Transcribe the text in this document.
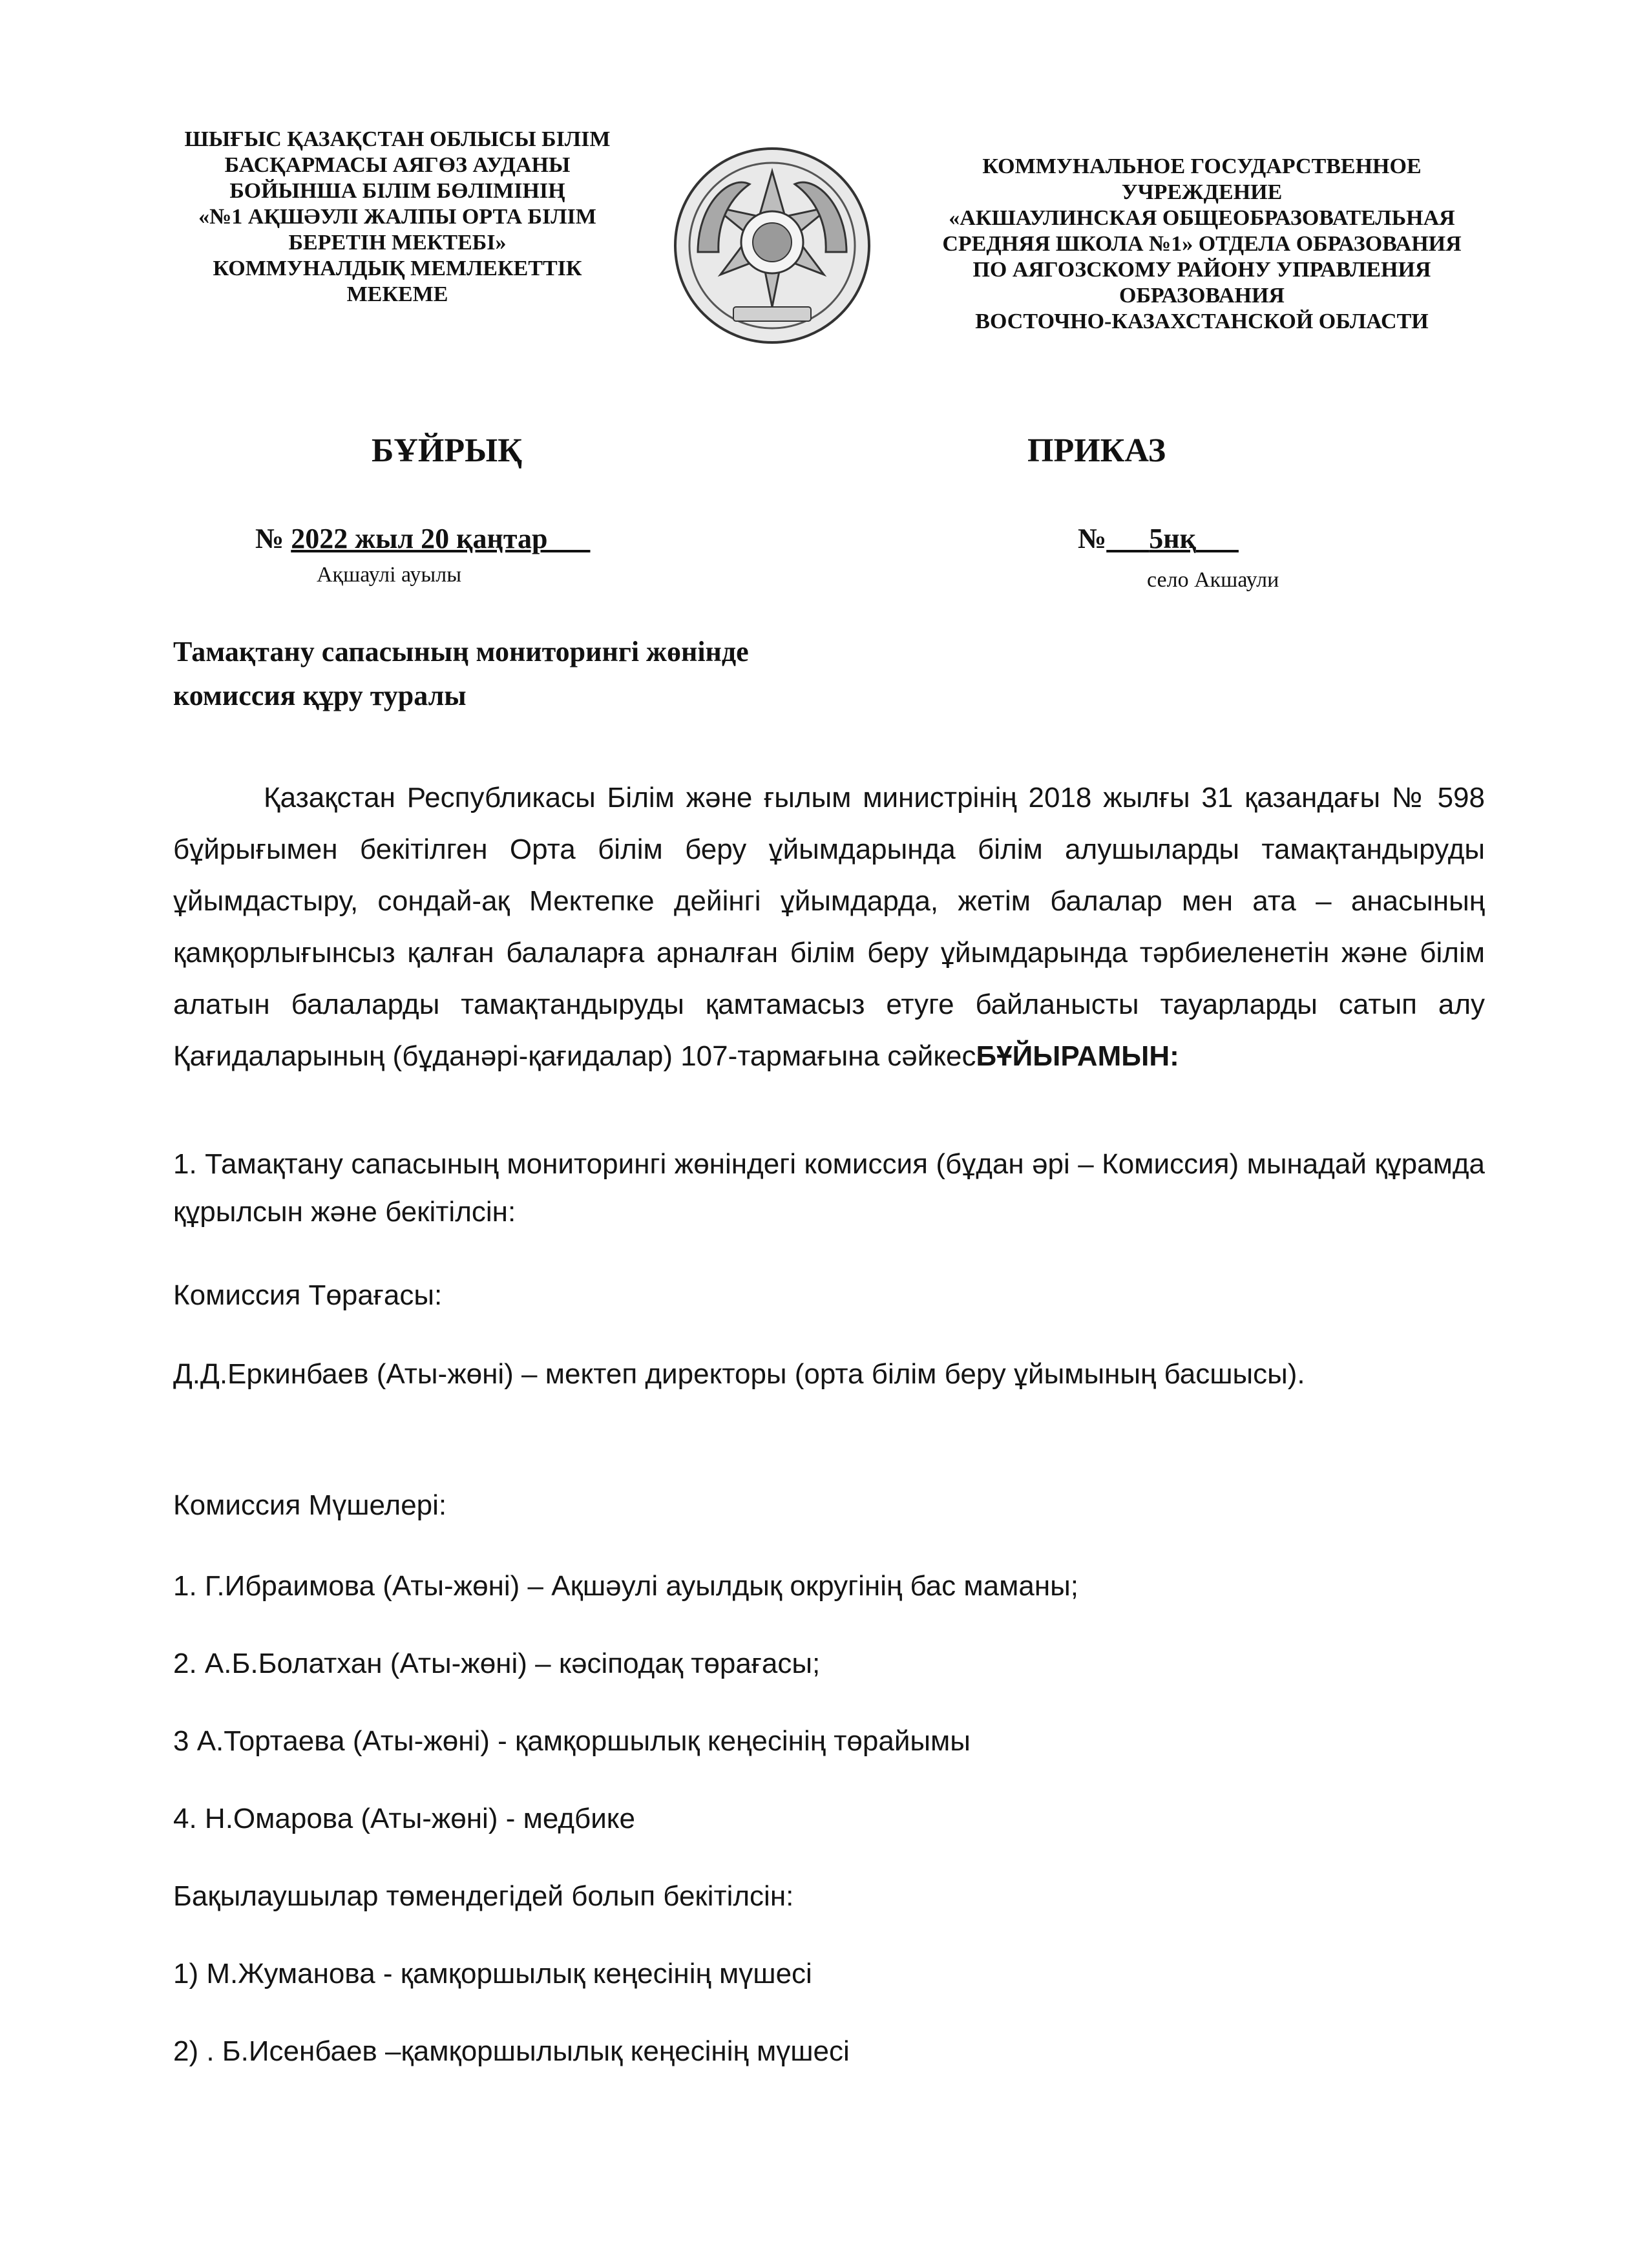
ШЫҒЫС ҚАЗАҚСТАН ОБЛЫСЫ БІЛІМ
БАСҚАРМАСЫ АЯГӨЗ АУДАНЫ
БОЙЫНША БІЛІМ БӨЛІМІНІҢ
«№1 АҚШӘУЛІ ЖАЛПЫ ОРТА БІЛІМ
БЕРЕТІН МЕКТЕБІ»
КОММУНАЛДЫҚ МЕМЛЕКЕТТІК
МЕКЕМЕ
КОММУНАЛЬНОЕ ГОСУДАРСТВЕННОЕ
УЧРЕЖДЕНИЕ
«АКШАУЛИНСКАЯ ОБЩЕОБРАЗОВАТЕЛЬНАЯ
СРЕДНЯЯ ШКОЛА №1» ОТДЕЛА ОБРАЗОВАНИЯ
ПО АЯГОЗСКОМУ РАЙОНУ УПРАВЛЕНИЯ
ОБРАЗОВАНИЯ
ВОСТОЧНО-КАЗАХСТАНСКОЙ ОБЛАСТИ
БҰЙРЫҚ	ПРИКАЗ
№ 2022 жыл 20 қаңтар
Ақшаулі ауылы
№ 5нқ
село Акшаули
Тамақтану сапасының мониторингі жөнінде
комиссия құру туралы
Қазақстан Республикасы Білім және ғылым министрінің 2018 жылғы 31 қазандағы № 598 бұйрығымен бекітілген Орта білім беру ұйымдарында білім алушыларды тамақтандыруды ұйымдастыру, сондай-ақ Мектепке дейінгі ұйымдарда, жетім балалар мен ата – анасының қамқорлығынсыз қалған балаларға арналған білім беру ұйымдарында тәрбиеленетін және білім алатын балаларды тамақтандыруды қамтамасыз етуге байланысты тауарларды сатып алу Қағидаларының (бұданәрі-қағидалар) 107-тармағына сәйкесБҰЙЫРАМЫН:
1. Тамақтану сапасының мониторингі жөніндегі комиссия (бұдан әрі – Комиссия) мынадай құрамда құрылсын және бекітілсін:
Комиссия Төрағасы:
Д.Д.Еркинбаев (Аты-жөні) – мектеп директоры (орта білім беру ұйымының басшысы).
Комиссия Мүшелері:
1. Г.Ибраимова (Аты-жөні) – Ақшәулі ауылдық округінің бас маманы;
2. А.Б.Болатхан (Аты-жөні) – кәсіподақ төрағасы;
3 А.Тортаева (Аты-жөні) - қамқоршылық кеңесінің төрайымы
4. Н.Омарова (Аты-жөні) - медбике
Бақылаушылар төмендегідей болып бекітілсін:
1) М.Жуманова - қамқоршылық кеңесінің мүшесі
2) . Б.Исенбаев –қамқоршылылық кеңесінің мүшесі
